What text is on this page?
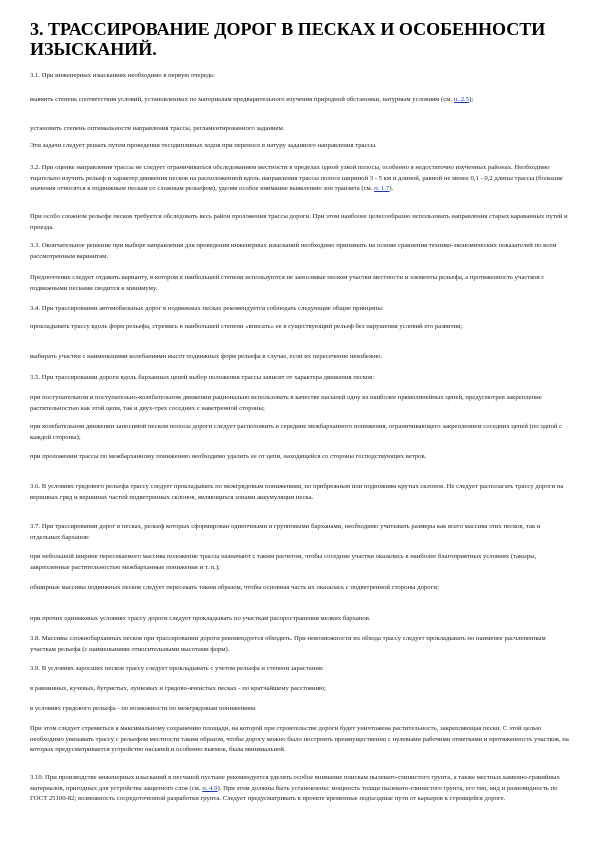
3. ТРАССИРОВАНИЕ ДОРОГ В ПЕСКАХ И ОСОБЕННОСТИ ИЗЫСКАНИЙ.

3.1. При инженерных изысканиях необходимо в первую очередь:

выявить степень соответствия условий, установленных по материалам предварительного изучения природной обстановки, натурным условиям (см. п. 2.5);

установить степень оптимальности направления трассы, регламентированного заданием.

Эти задачи следует решать путем проведения тесодиплиных ходов при переносе в натуру заданного направления трассы.

3.2. При оценке направления трассы не следует ограничиваться обследованием местности в пределах одной узкой полосы, особенно в недостаточно изученных районах. Необходимо тщательно изучить рельеф и характер движения песков на расположенной вдоль направления трассы полосе шириной 3 - 5 км и длиной, равной не менее 0,1 - 0,2 длины трассы (большие значения относятся к подвижным пескам со сложным рельефом), уделяя особое внимание выявлению зон транзита (см. п. 1.7).

При особо сложном рельефе песков требуется обследовать весь район проложения трассы дороги. При этом наиболее целесообразно использовать направления старых караванных путей и проезда.

3.3. Окончательное решение при выборе направления для проведения инженерных изысканий необходимо принимать на основе сравнения технико-экономических показателей по всем рассмотренным вариантам.

Предпочтение следует отдавать варианту, в котором в наибольшей степени используются не заносимые песком участки местности и элементы рельефа, а протяженность участков с подвижными песками сводится к минимуму.

3.4. При трассировании автомобильных дорог в подвижных песках рекомендуется соблюдать следующие общие принципы:

прокладывать трассу вдоль форм рельефа, стремясь в наибольшей степени «вписать» ее в существующий рельеф без нарушения условий его развития;

выбирать участки с наименьшими колебаниями высот подвижных форм рельефа в случае, если их пересечение неизбежно.

3.5. При трассировании дороги вдоль барханных цепей выбор положения трассы зависит от характера движения песков:

при поступательном и поступательно-колебательном движении рационально использовать в качестве насыпей одну из наиболее прямолинейных цепей, предусмотрев закрепление растительностью как этой цепи, так и двух-трех соседних с наветренной стороны;

при колебательном движении заносимой песком полосы дороги следует расположить в середине межбарханного понижения, ограничивающего закреплением соседних цепей (по одной с каждой стороны);

при проложении трассы по межбарханному понижению необходимо удалить ее от цепи, находящейся со стороны господствующих ветров.

3.6. В условиях грядового рельефа трассу следует прокладывать по межгрядовым понижениям, по прибрежным или подножиям крутых склонов. Не следует располагать трассу дороги на вершинах гряд и вершинах частей подветренных склонов, являющихся зонами аккумуляции песка.

3.7. При трассировании дорог в песках, рельеф которых сформирован одиночными и групповыми барханами, необходимо учитывать размеры как всего массива этих песков, так и отдельных барханов:

при небольшой ширине пересекаемого массива положение трассы назначают с таким расчетом, чтобы соседние участки оказались в наиболее благоприятных условиях (такыры, закрепленные растительностью межбарханные понижения и т. п.);

обширные массивы подвижных песков следует пересекать таким образом, чтобы основная часть их оказалась с подветренной стороны дороги;

при прочих одинаковых условиях трассу дороги следует прокладывать по участкам распространения мелких барханов.

3.8. Массивы сложнобарханных песков при трассировании дороги рекомендуется обходить. При невозможности их обхода трассу следует прокладывать по наименее расчлененным участкам рельефа (с наименьшими относительными высотами форм).

3.9. В условиях заросших песков трассу следует прокладывать с учетом рельефа и степени зарастания:

в равнинных, кучевых, бугристых, лунковых и грядово-ячеистых песках - по кратчайшему расстоянию;

в условиях грядового рельефа - по возможности по межгрядовым понижениям.

При этом следует стремиться к максимальному сохранению площади, на которой при строительстве дороги будет уничтожена растительность, закрепляющая пески. С этой целью необходимо увязывать трассу с рельефом местности таким образом, чтобы дорогу можно было построить преимущественно с нулевыми рабочими отметками и протяженность участков, на которых предусматривается устройство насыпей и особенно выемок, была минимальной.

3.10. При производстве инженерных изысканий в песчаной пустыне рекомендуется уделять особое внимание поискам пылевато-глинистого грунта, а также местных каменно-гравийных материалов, пригодных для устройства защитного слоя (см. п. 4.9). При этом должны быть установлены: мощность толщи пылевато-глинистого грунта, его тип, вид и разновидность по ГОСТ 25100-82; возможность сосредоточенной разработки грунта. Следует предусматривать в проекте временные подъездные пути от карьеров к строящейся дороге.
